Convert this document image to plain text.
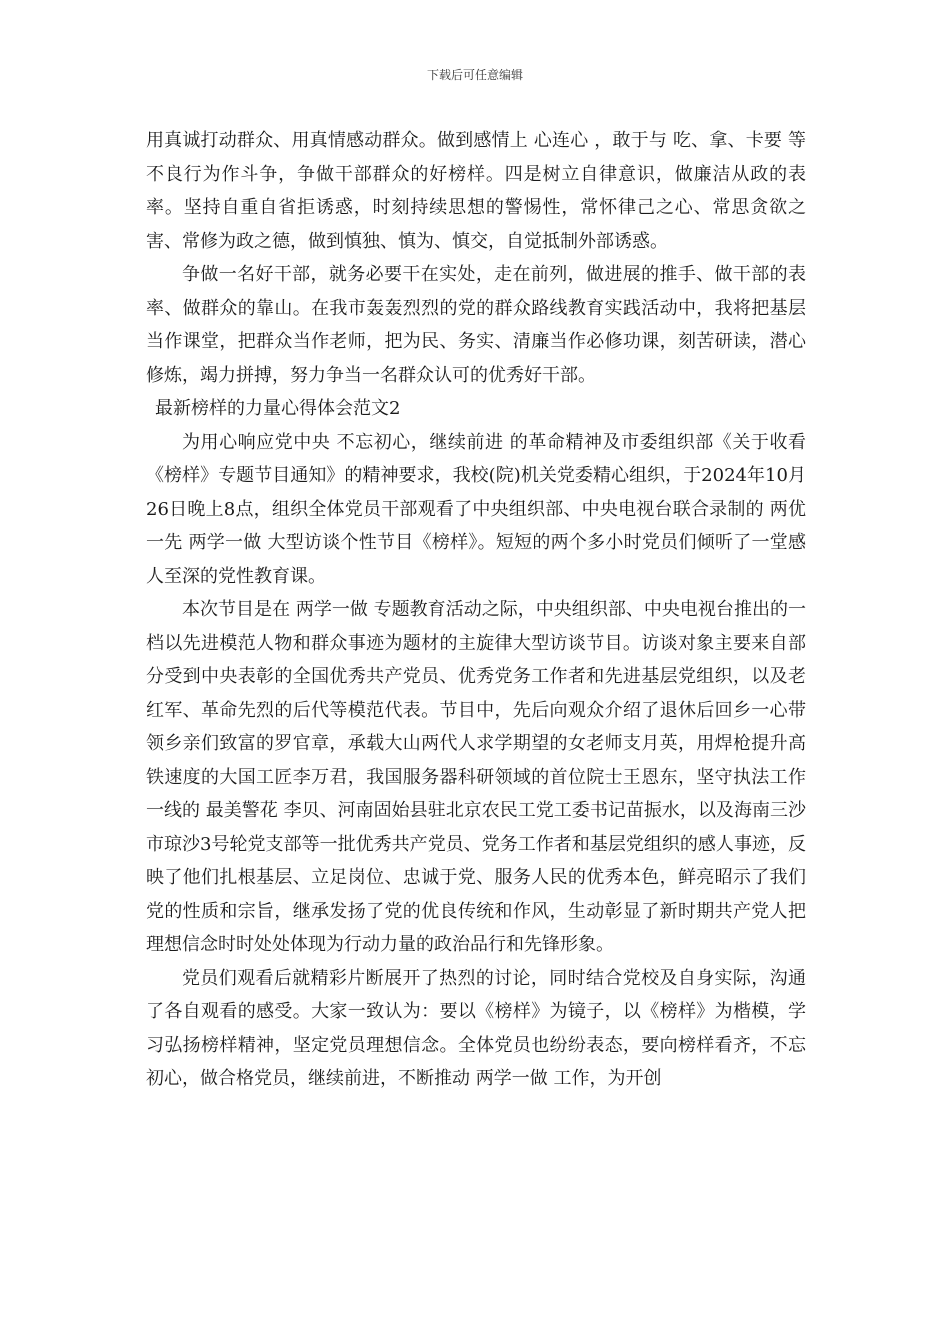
下载后可任意编辑

用真诚打动群众、用真情感动群众。做到感情上 心连心 ，敢于与 吃、拿、卡要 等不良行为作斗争，争做干部群众的好榜样。四是树立自律意识，做廉洁从政的表率。坚持自重自省拒诱惑，时刻持续思想的警惕性，常怀律己之心、常思贪欲之害、常修为政之德，做到慎独、慎为、慎交，自觉抵制外部诱惑。

争做一名好干部，就务必要干在实处，走在前列，做进展的推手、做干部的表率、做群众的靠山。在我市轰轰烈烈的党的群众路线教育实践活动中，我将把基层当作课堂，把群众当作老师，把为民、务实、清廉当作必修功课，刻苦研读，潜心修炼，竭力拼搏，努力争当一名群众认可的优秀好干部。

最新榜样的力量心得体会范文2

为用心响应党中央 不忘初心，继续前进 的革命精神及市委组织部《关于收看《榜样》专题节目通知》的精神要求，我校(院)机关党委精心组织，于2024年10月26日晚上8点，组织全体党员干部观看了中央组织部、中央电视台联合录制的 两优一先 两学一做 大型访谈个性节目《榜样》。短短的两个多小时党员们倾听了一堂感人至深的党性教育课。

本次节目是在 两学一做 专题教育活动之际，中央组织部、中央电视台推出的一档以先进模范人物和群众事迹为题材的主旋律大型访谈节目。访谈对象主要来自部分受到中央表彰的全国优秀共产党员、优秀党务工作者和先进基层党组织，以及老红军、革命先烈的后代等模范代表。节目中，先后向观众介绍了退休后回乡一心带领乡亲们致富的罗官章，承载大山两代人求学期望的女老师支月英，用焊枪提升高铁速度的大国工匠李万君，我国服务器科研领域的首位院士王恩东，坚守执法工作一线的 最美警花 李贝、河南固始县驻北京农民工党工委书记苗振水，以及海南三沙市琼沙3号轮党支部等一批优秀共产党员、党务工作者和基层党组织的感人事迹，反映了他们扎根基层、立足岗位、忠诚于党、服务人民的优秀本色，鲜亮昭示了我们党的性质和宗旨，继承发扬了党的优良传统和作风，生动彰显了新时期共产党人把理想信念时时处处体现为行动力量的政治品行和先锋形象。

党员们观看后就精彩片断展开了热烈的讨论，同时结合党校及自身实际，沟通了各自观看的感受。大家一致认为：要以《榜样》为镜子，以《榜样》为楷模，学习弘扬榜样精神，坚定党员理想信念。全体党员也纷纷表态，要向榜样看齐，不忘初心，做合格党员，继续前进，不断推动 两学一做 工作，为开创
